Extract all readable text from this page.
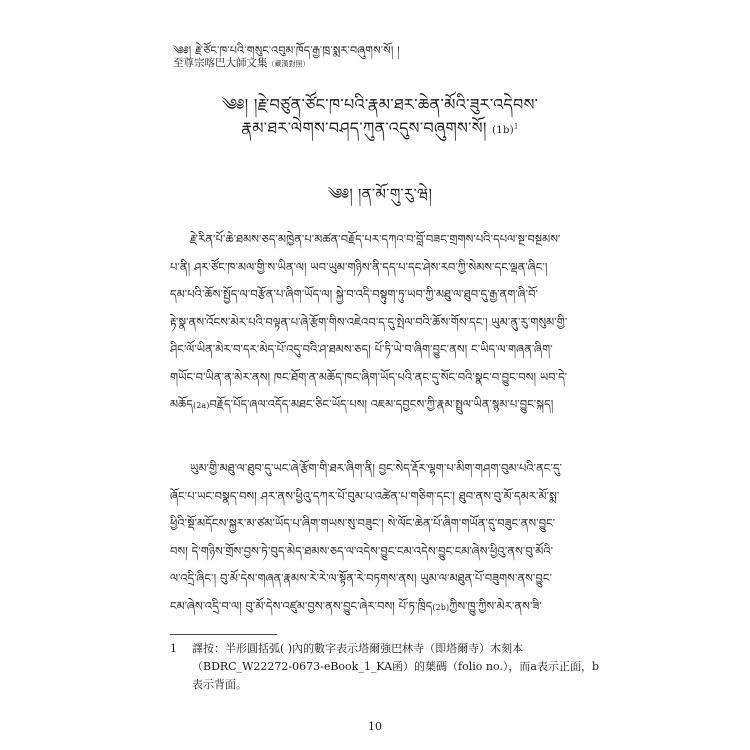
༄༅། རྗེ་ཙོང་ཁ་པའི་གསུང་འབུམ་ཁོད་རྒྱ་ཁྲ་སྨར་བཞུགས་སོ། །
至尊宗喀巴大師文集（藏漢對照）
༄༅། །རྗེ་བཙུན་ཙོང་ཁ་པའི་རྣམ་ཐར་ཆེན་མོའི་ཟུར་འདེབས་
རྣམ་ཐར་ལེགས་བཤད་ཀུན་འདུས་བཞུགས་སོ། $(1b)^1$
༄༅། །ན་མོ་གུ་རུ་ཝེ།
རྗེ་རིན་པོ་ཆེ་ཐམས་ཅད་མཁྱེན་པ་མཚན་བརྗོད་པར་དཀའ་བ་བློ་བཟང་གྲགས་པའི་དཔལ་སྔ་བསྔམས་
པ་ནི། ཤར་ཙོང་ཁ་མལ་གྱི་ས་ཡིན་ལ། ཡབ་ཡུམ་གཉིས་ནི་དད་པ་དང་ཤེས་རབ་ཀྱི་སེམས་དང་ལྡན་ཞིང་།
དམ་པའི་ཆོས་སྤྱོད་ལ་བརྩོན་པ་ཞིག་ཡོད་ལ། སྐྱེ་བ་འདི་བསྟུག་ཏུ་ཡབ་ཀྱི་མཐུ་ལ་ཐུབ་དུ་རྒྱ་ནག་ཞི་བོ་
རྟེ་སྣ་ནས་འོངས་མེར་པའི་བལྟན་པ་ཞེ་རྩོག་གིས་འཇེའབ་ད་དུ་སྤེལ་བའི་ཆོས་གོས་དང་། ཡུམ་ནུ་རུ་གསུམ་གྱི་
ཤིང་ལོ་ཡིན་མེར་བ་དར་མེད་པོ་འདུ་བའི་ཤ་ཐམས་ཅད། པོ་ཏི་ཡེ་བ་ཞིག་བྱུང་ནས། ང་ཡིད་ལ་གཞན་ཞིག་
གཡོང་བ་ཡིན་ན་མེར་ནས། ཁང་ཐོག་ན་མཆོད་ཁང་ཞིག་ཡོད་པའི་ནང་དུ་སོང་བའི་སྣང་བ་བྱུང་བས། ཡབ་དེ་
མཆོད(2a)བརྗོད་པོད་ཞལ་འདོད་མཐང་ཅིང་ཡོད་པས། འཇམ་དབྱངས་ཀྱི་རྣམ་སྤྲུལ་ཡིན་སྙམ་པ་བྱུང་སྐད།
ཡུམ་གྱི་མཐུ་ལ་ཐུབ་དུ་ཡང་ཞེ་རྩོག་གི་ཐར་ཞིག་ནི། བྱང་སེད་རྡོར་ལྷག་པ་མིག་གཤག་བུམ་པའི་ནང་དུ་
ཞོང་པ་ཡང་བསྣད་བས། ཤར་ནས་ཕྱིའུ་དཀར་པོ་བུམ་པ་འཚེན་པ་གཅིག་དང་། ཐུབ་ནས་བུ་མོ་དམར་མོ་སྨ་
ཕྱིའི་སྡོ་མདོངས་སྐྱར་མ་ཙམ་ཡོད་པ་ཞིག་གཡས་སུ་བཟུང་། སེ་ལོང་ཆེན་པོ་ཞིག་གཡོན་དུ་བཟུང་ནས་བྱུང་
བས། དེ་གཉིས་གྲོས་བྱས་ཏེ་བུད་མེད་ཐམས་ཅད་ལ་འདེས་བྱུང་ངམ་འདེས་བྱུང་ངམ་ཞེས་ཕྱིའུ་ནས་བུ་མོའི་
ལ་འདྲི་ཞིང་། བུ་མོ་དེས་གཞན་རྣམས་རེ་རེ་ལ་སྟོན་རེ་བཏགས་ནས། ཡུམ་ལ་མཐུན་པོ་བཟུགས་ནས་བྱུང་
ངམ་ཞེས་འདྲི་བ་ལ། བུ་མོ་དེས་འཛུམ་བྱས་ནས་བྱུང་ཞེར་བས། པོ་ཏ་ཁྲིད(2b)ཀྱིས་ཁྱུ་ཀྱིས་མེར་ནས་ཟི་
1	譯按：半形圓括弧( )內的數字表示塔爾強巴林寺（即塔爾寺）木刻本（BDRC_W22272-0673-eBook_1_KA函）的葉碼（folio no.），而a表示正面，b表示背面。
10
